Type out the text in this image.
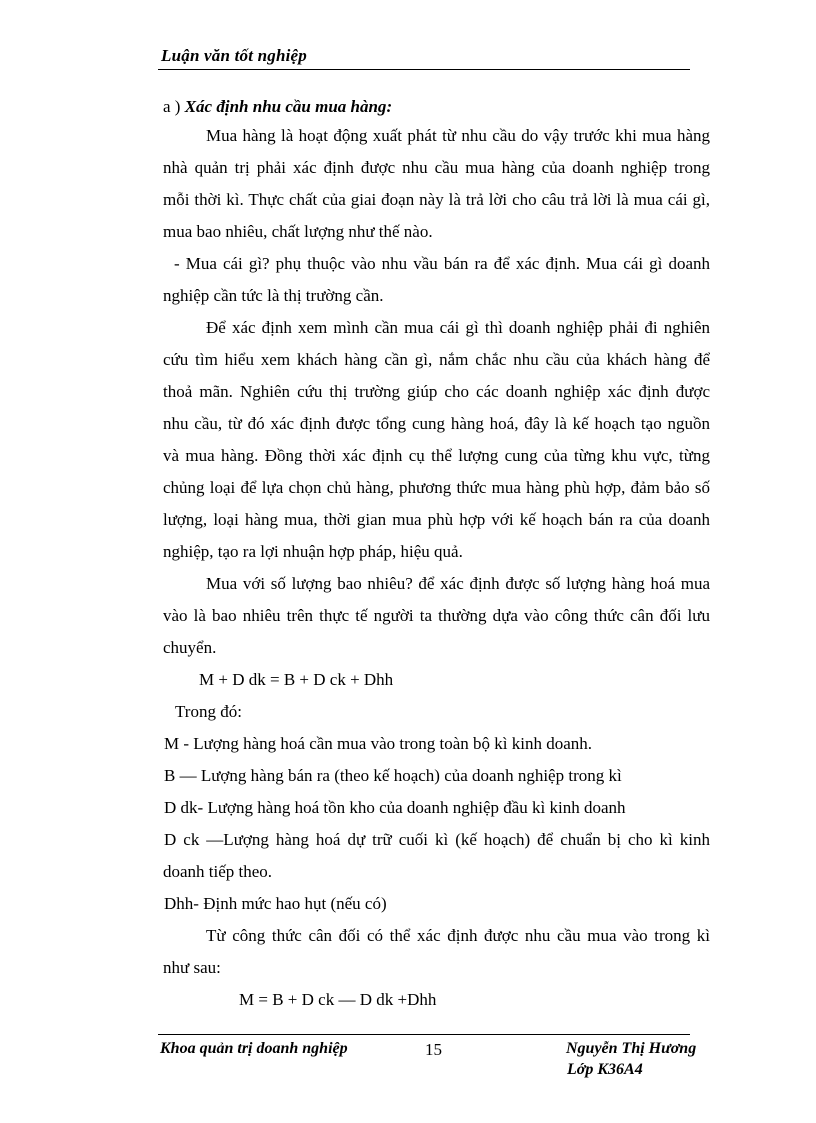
Luận văn tốt nghiệp
a ) Xác định nhu cầu mua hàng:
Mua hàng là hoạt động xuất phát từ nhu cầu do vậy trước khi mua hàng
nhà quản trị phải xác định được nhu cầu mua hàng của doanh nghiệp trong
mỗi thời kì. Thực chất của giai đoạn này là trả lời cho câu trả lời là mua cái gì,
mua bao nhiêu, chất lượng như thế nào.
- Mua cái gì? phụ thuộc vào nhu vầu bán ra để xác định. Mua cái gì doanh
nghiệp cần tức là thị trường cần.
Để xác định xem mình cần mua cái gì thì doanh nghiệp phải đi nghiên
cứu tìm hiểu xem khách hàng cần gì, nắm chắc nhu cầu của khách hàng để
thoả mãn. Nghiên cứu thị trường giúp cho các doanh nghiệp xác định được
nhu cầu, từ đó xác định được tổng cung hàng hoá, đây là kế hoạch tạo nguồn
và mua hàng. Đồng thời xác định cụ thể lượng cung của từng khu vực, từng
chủng loại để lựa chọn chủ hàng, phương thức mua hàng phù hợp, đảm bảo số
lượng, loại hàng mua, thời gian mua phù hợp với kế hoạch bán ra của doanh
nghiệp, tạo ra lợi nhuận hợp pháp, hiệu quả.
Mua với số lượng bao nhiêu? để xác định được số lượng hàng hoá mua
vào là bao nhiêu trên thực tế người ta thường dựa vào công thức cân đối lưu
chuyển.
M + D dk = B + D ck + Dhh
Trong đó:
M - Lượng hàng hoá cần mua vào trong toàn bộ kì kinh doanh.
B — Lượng hàng bán ra (theo kế hoạch) của doanh nghiệp trong kì
D dk- Lượng hàng hoá tồn kho của doanh nghiệp đầu kì kinh doanh
D ck —Lượng hàng hoá dự trữ cuối kì (kế hoạch) để chuẩn bị cho kì kinh
doanh tiếp theo.
Dhh- Định mức hao hụt (nếu có)
Từ công thức cân đối có thể xác định được nhu cầu mua vào trong kì
như sau:
M = B + D ck — D dk +Dhh
Khoa quản trị doanh nghiệp	15	Nguyễn Thị Hương
Lớp K36A4
